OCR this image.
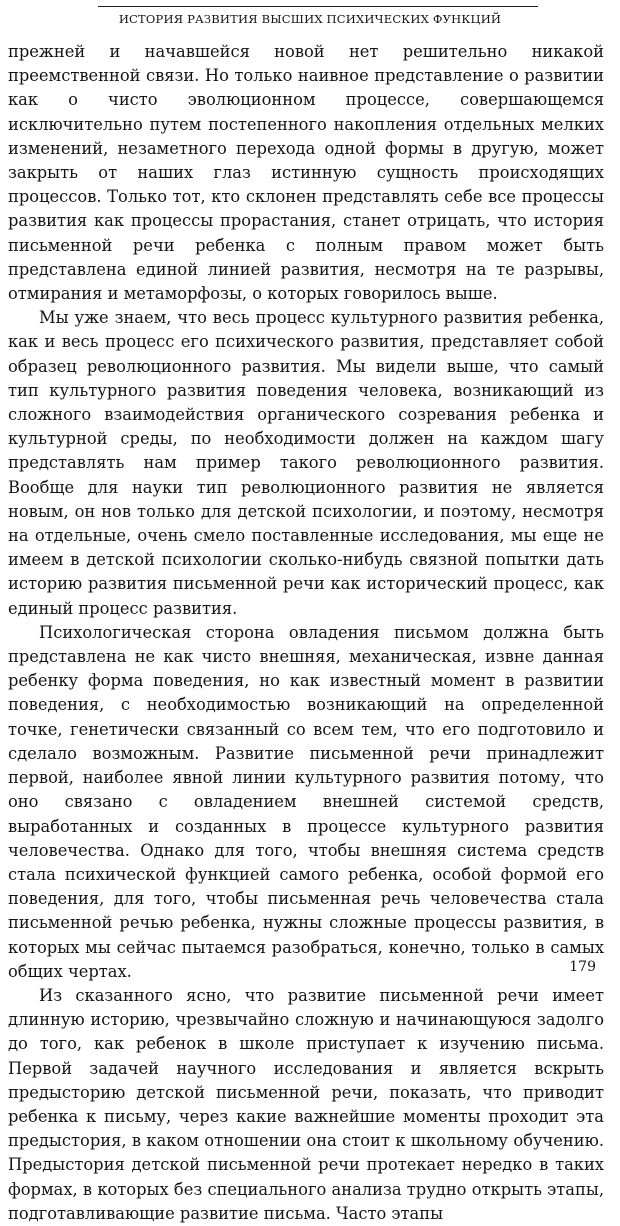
ИСТОРИЯ РАЗВИТИЯ ВЫСШИХ ПСИХИЧЕСКИХ ФУНКЦИЙ

прежней и начавшейся новой нет решительно никакой преемственной связи. Но только наивное представление о развитии как о чисто эволюционном процессе, совершающемся исключительно путем постепенного накопления отдельных мелких изменений, незаметного перехода одной формы в другую, может закрыть от наших глаз истинную сущность происходящих процессов. Только тот, кто склонен представлять себе все процессы развития как процессы прорастания, станет отрицать, что история письменной речи ребенка с полным правом может быть представлена единой линией развития, несмотря на те разрывы, отмирания и метаморфозы, о которых говорилось выше.

Мы уже знаем, что весь процесс культурного развития ребенка, как и весь процесс его психического развития, представляет собой образец революционного развития. Мы видели выше, что самый тип культурного развития поведения человека, возникающий из сложного взаимодействия органического созревания ребенка и культурной среды, по необходимости должен на каждом шагу представлять нам пример такого революционного развития. Вообще для науки тип революционного развития не является новым, он нов только для детской психологии, и поэтому, несмотря на отдельные, очень смело поставленные исследования, мы еще не имеем в детской психологии сколько-нибудь связной попытки дать историю развития письменной речи как исторический процесс, как единый процесс развития.

Психологическая сторона овладения письмом должна быть представлена не как чисто внешняя, механическая, извне данная ребенку форма поведения, но как известный момент в развитии поведения, с необходимостью возникающий на определенной точке, генетически связанный со всем тем, что его подготовило и сделало возможным. Развитие письменной речи принадлежит первой, наиболее явной линии культурного развития потому, что оно связано с овладением внешней системой средств, выработанных и созданных в процессе культурного развития человечества. Однако для того, чтобы внешняя система средств стала психической функцией самого ребенка, особой формой его поведения, для того, чтобы письменная речь человечества стала письменной речью ребенка, нужны сложные процессы развития, в которых мы сейчас пытаемся разобраться, конечно, только в самых общих чертах.

Из сказанного ясно, что развитие письменной речи имеет длинную историю, чрезвычайно сложную и начинающуюся задолго до того, как ребенок в школе приступает к изучению письма. Первой задачей научного исследования и является вскрыть предысторию детской письменной речи, показать, что приводит ребенка к письму, через какие важнейшие моменты проходит эта предыстория, в каком отношении она стоит к школьному обучению. Предыстория детской письменной речи протекает нередко в таких формах, в которых без специального анализа трудно открыть этапы, подготавливающие развитие письма. Часто этапы

179
